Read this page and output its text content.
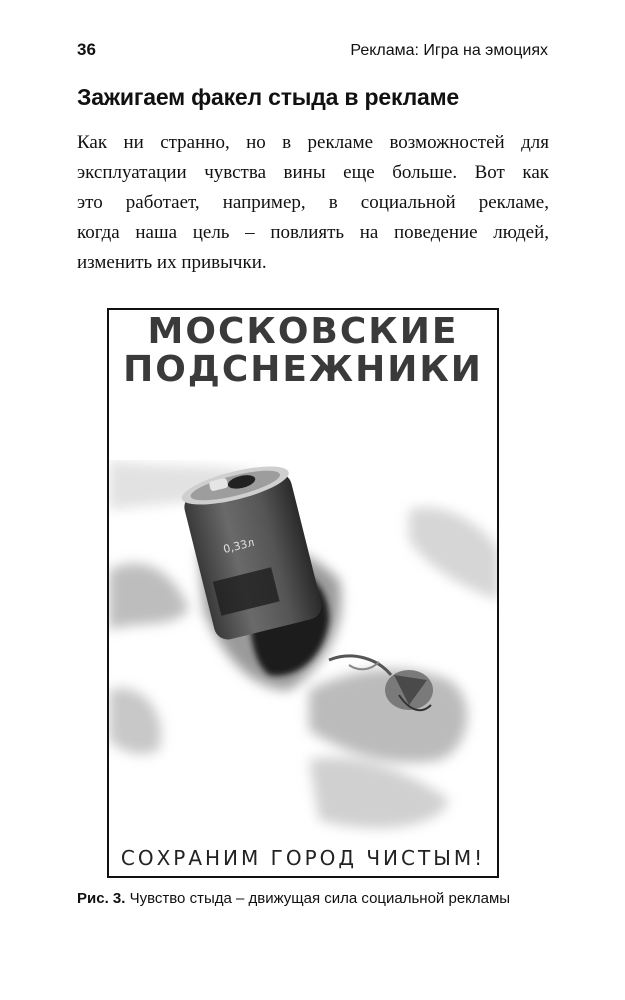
36	Реклама: Игра на эмоциях
Зажигаем факел стыда в рекламе

Как ни странно, но в рекламе возможностей для
эксплуатации чувства вины еще больше. Вот как
это работает, например, в социальной рекламе,
когда наша цель – повлиять на поведение людей,
изменить их привычки.

МОСКОВСКИЕ
ПОДСНЕЖНИКИ
0,33л
СОХРАНИМ ГОРОД ЧИСТЫМ!

Рис. 3. Чувство стыда – движущая сила социальной рекламы
